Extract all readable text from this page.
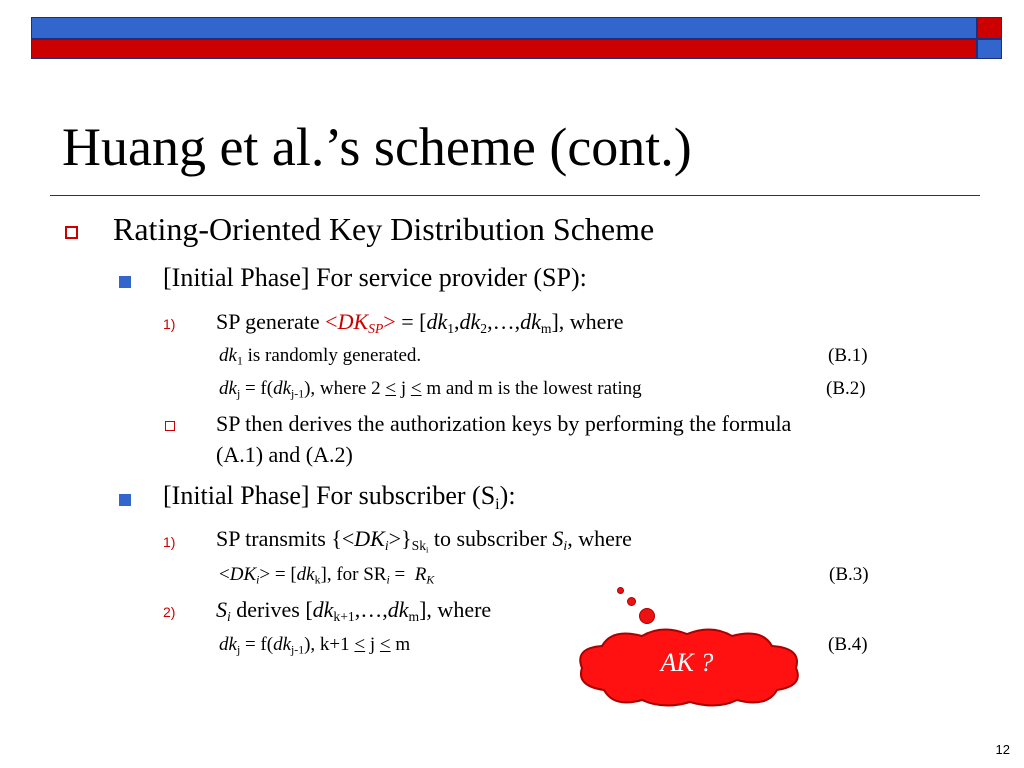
Huang et al.’s scheme (cont.)
Rating-Oriented Key Distribution Scheme
[Initial Phase] For service provider (SP):
1) SP generate $<DK_{SP}>$ = $[dk_1,dk_2,\dots,dk_m]$, where
$dk_1$ is randomly generated.	(B.1)
$dk_j = f(dk_{j-1})$, where 2 < j < m and m is the lowest rating	(B.2)
SP then derives the authorization keys by performing the formula
(A.1) and (A.2)
[Initial Phase] For subscriber $(S_i)$:
1) SP transmits $\{<DK_i>\}_{Sk_i}$ to subscriber $S_i$, where
$<DK_i> = [dk_k]$, for $SR_i = R_K$	(B.3)
2) $S_i$ derives $[dk_{k+1},\dots,dk_m]$, where
$dk_j = f(dk_{j-1})$, k+1 < j < m	(B.4)
AK ?
12
